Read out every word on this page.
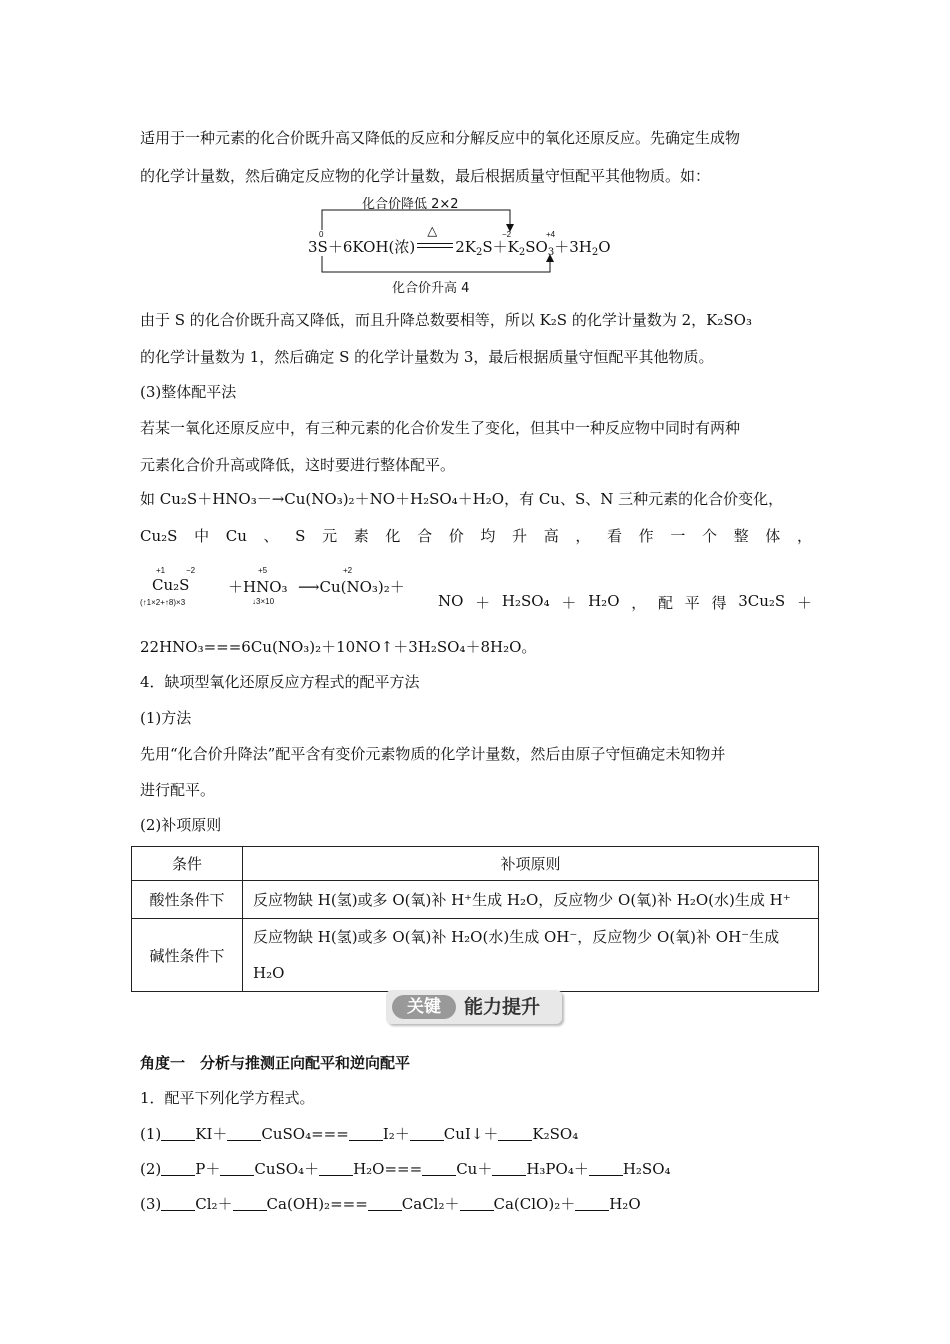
适用于一种元素的化合价既升高又降低的反应和分解反应中的氧化还原反应。先确定生成物
的化学计量数，然后确定反应物的化学计量数，最后根据质量守恒配平其他物质。如：
化合价降低 2×2
化合价升高 4
0	−2	+4
3S＋6KOH(浓)
△
$2K_2S+K_2SO_3+3H_2O$
由于 S 的化合价既升高又降低，而且升降总数要相等，所以 K₂S 的化学计量数为 2，K₂SO₃
的化学计量数为 1，然后确定 S 的化学计量数为 3，最后根据质量守恒配平其他物质。
(3)整体配平法
若某一氧化还原反应中，有三种元素的化合价发生了变化，但其中一种反应物中同时有两种
元素化合价升高或降低，这时要进行整体配平。
如 Cu₂S＋HNO₃－→Cu(NO₃)₂＋NO＋H₂SO₄＋H₂O，有 Cu、S、N 三种元素的化合价变化，
Cu₂S 中 Cu 、 S 元 素 化 合 价 均 升 高 ， 看 作 一 个 整 体 ，
+1	−2	+5	+2
Cu₂S
(↑1×2+↑8)×3
＋HNO₃
↓3×10
⟶Cu(NO₃)₂＋
NO ＋ H₂SO₄ ＋ H₂O ， 配 平 得 3Cu₂S ＋
22HNO₃===6Cu(NO₃)₂＋10NO↑＋3H₂SO₄＋8H₂O。
4．缺项型氧化还原反应方程式的配平方法
(1)方法
先用“化合价升降法”配平含有变价元素物质的化学计量数，然后由原子守恒确定未知物并
进行配平。
(2)补项原则
条件	补项原则
酸性条件下	反应物缺 H(氢)或多 O(氧)补 H⁺生成 H₂O，反应物少 O(氧)补 H₂O(水)生成 H⁺
碱性条件下	反应物缺 H(氢)或多 O(氧)补 H₂O(水)生成 OH⁻，反应物少 O(氧)补 OH⁻生成
H₂O
关键	能力提升
角度一　分析与推测正向配平和逆向配平
1．配平下列化学方程式。
(1) KI＋ CuSO₄=== I₂＋ CuI↓＋ K₂SO₄
(2) P＋ CuSO₄＋ H₂O=== Cu＋ H₃PO₄＋ H₂SO₄
(3) Cl₂＋ Ca(OH)₂=== CaCl₂＋ Ca(ClO)₂＋ H₂O
